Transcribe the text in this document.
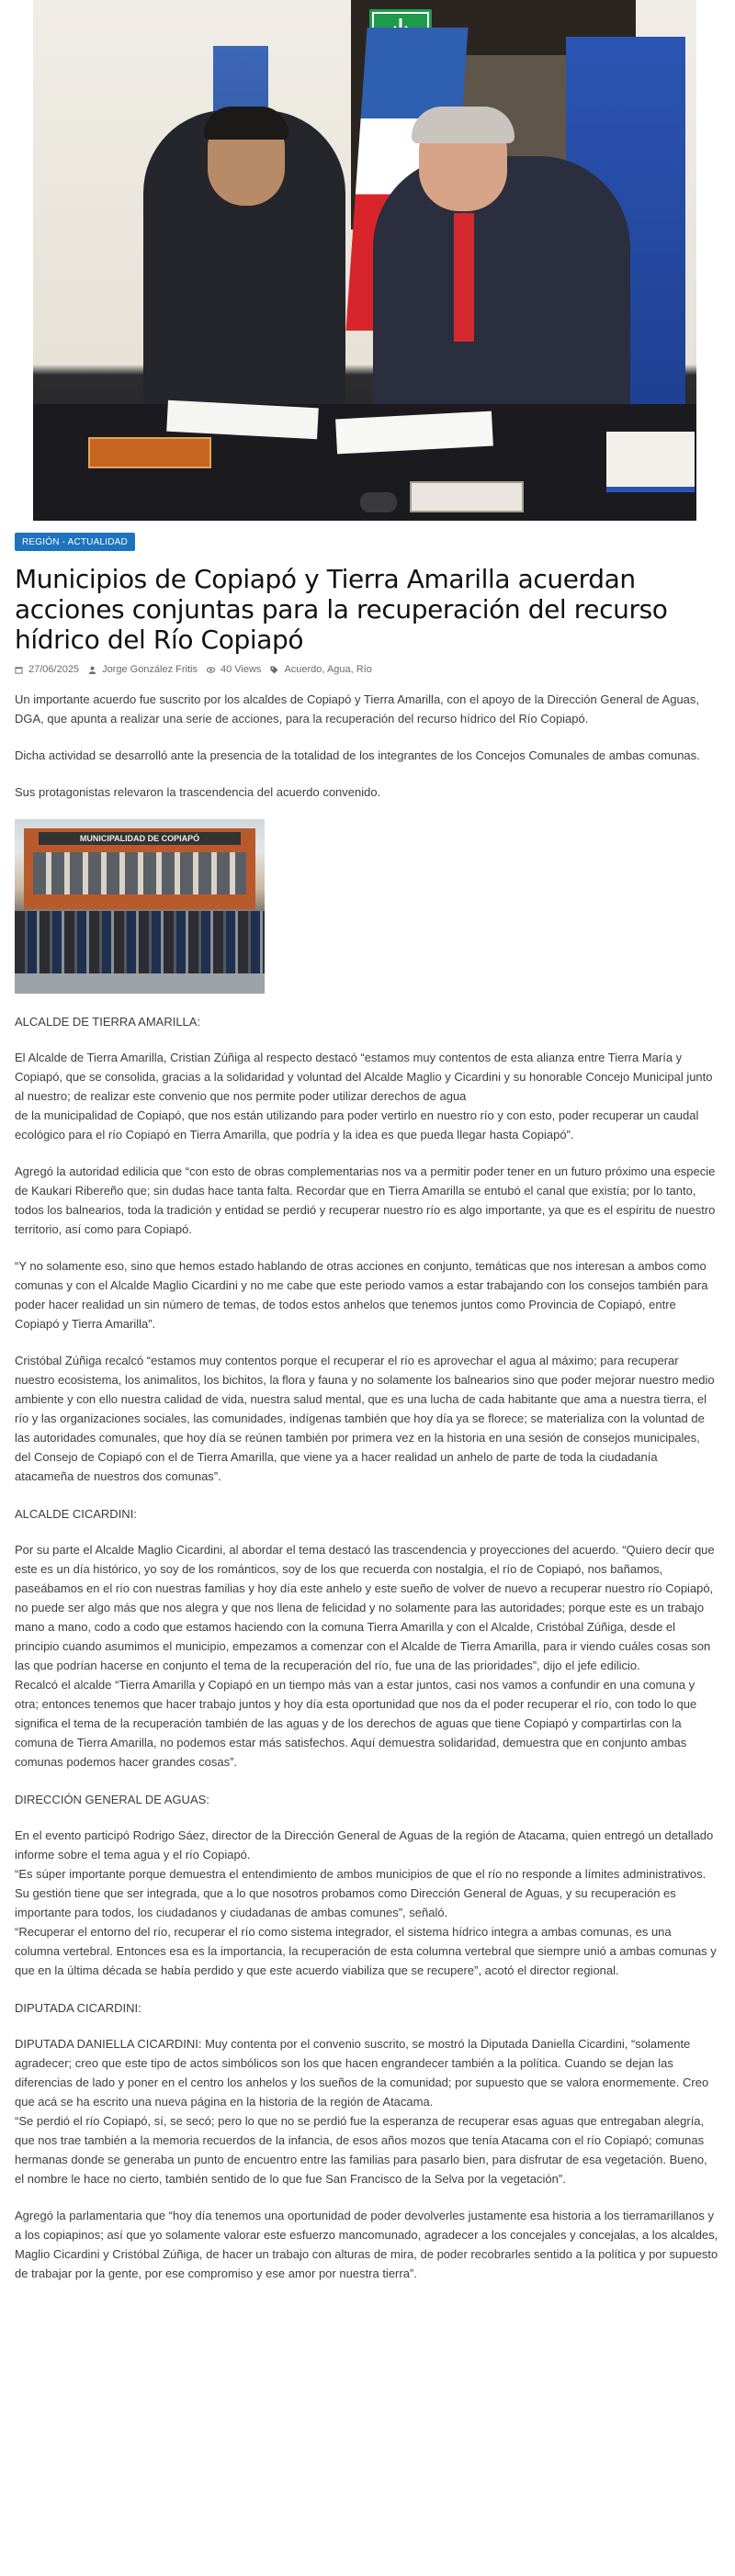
REGIÓN - ACTUALIDAD
Municipios de Copiapó y Tierra Amarilla acuerdan acciones conjuntas para la recuperación del recurso hídrico del Río Copiapó
27/06/2025 Jorge González Fritis 40 Views Acuerdo, Agua, Río

Un importante acuerdo fue suscrito por los alcaldes de Copiapó y Tierra Amarilla, con el apoyo de la Dirección General de Aguas, DGA, que apunta a realizar una serie de acciones, para la recuperación del recurso hídrico del Río Copiapó.

Dicha actividad se desarrolló ante la presencia de la totalidad de los integrantes de los Concejos Comunales de ambas comunas.

Sus protagonistas relevaron la trascendencia del acuerdo convenido.

MUNICIPALIDAD DE COPIAPÓ
ALCALDE DE TIERRA AMARILLA:

El Alcalde de Tierra Amarilla, Cristian Zúñiga al respecto destacó “estamos muy contentos de esta alianza entre Tierra María y Copiapó, que se consolida, gracias a la solidaridad y voluntad del Alcalde Maglio y Cicardini y su honorable Concejo Municipal junto al nuestro; de realizar este convenio que nos permite poder utilizar derechos de agua

de la municipalidad de Copiapó, que nos están utilizando para poder vertirlo en nuestro río y con esto, poder recuperar un caudal ecológico para el río Copiapó en Tierra Amarilla, que podría y la idea es que pueda llegar hasta Copiapó”.

Agregó la autoridad edilicia que “con esto de obras complementarias nos va a permitir poder tener en un futuro próximo una especie de Kaukari Ribereño que; sin dudas hace tanta falta. Recordar que en Tierra Amarilla se entubó el canal que existía; por lo tanto, todos los balnearios, toda la tradición y entidad se perdió y recuperar nuestro río es algo importante, ya que es el espíritu de nuestro territorio, así como para Copiapó.

“Y no solamente eso, sino que hemos estado hablando de otras acciones en conjunto, temáticas que nos interesan a ambos como comunas y con el Alcalde Maglio Cicardini y no me cabe que este periodo vamos a estar trabajando con los consejos también para poder hacer realidad un sin número de temas, de todos estos anhelos que tenemos juntos como Provincia de Copiapó, entre Copiapó y Tierra Amarilla”.

Cristóbal Zúñiga recalcó “estamos muy contentos porque el recuperar el río es aprovechar el agua al máximo; para recuperar nuestro ecosistema, los animalitos, los bichitos, la flora y fauna y no solamente los balnearios sino que poder mejorar nuestro medio ambiente y con ello nuestra calidad de vida, nuestra salud mental, que es una lucha de cada habitante que ama a nuestra tierra, el río y las organizaciones sociales, las comunidades, indígenas también que hoy día ya se florece; se materializa con la voluntad de las autoridades comunales, que hoy día se reúnen también por primera vez en la historia en una sesión de consejos municipales, del Consejo de Copiapó con el de Tierra Amarilla, que viene ya a hacer realidad un anhelo de parte de toda la ciudadanía atacameña de nuestros dos comunas”.

ALCALDE CICARDINI:

Por su parte el Alcalde Maglio Cicardini, al abordar el tema destacó las trascendencia y proyecciones del acuerdo. “Quiero decir que este es un día histórico, yo soy de los románticos, soy de los que recuerda con nostalgia, el río de Copiapó, nos bañamos, paseábamos en el río con nuestras familias y hoy día este anhelo y este sueño de volver de nuevo a recuperar nuestro río Copiapó, no puede ser algo más que nos alegra y que nos llena de felicidad y no solamente para las autoridades; porque este es un trabajo mano a mano, codo a codo que estamos haciendo con la comuna Tierra Amarilla y con el Alcalde, Cristóbal Zúñiga, desde el principio cuando asumimos el municipio, empezamos a comenzar con el Alcalde de Tierra Amarilla, para ir viendo cuáles cosas son las que podrían hacerse en conjunto el tema de la recuperación del río, fue una de las prioridades”, dijo el jefe edilicio.

Recalcó el alcalde “Tierra Amarilla y Copiapó en un tiempo más van a estar juntos, casi nos vamos a confundir en una comuna y otra; entonces tenemos que hacer trabajo juntos y hoy día esta oportunidad que nos da el poder recuperar el río, con todo lo que significa el tema de la recuperación también de las aguas y de los derechos de aguas que tiene Copiapó y compartirlas con la comuna de Tierra Amarilla, no podemos estar más satisfechos. Aquí demuestra solidaridad, demuestra que en conjunto ambas comunas podemos hacer grandes cosas”.

DIRECCIÓN GENERAL DE AGUAS:

En el evento participó Rodrigo Sáez, director de la Dirección General de Aguas de la región de Atacama, quien entregó un detallado informe sobre el tema agua y el río Copiapó.

“Es súper importante porque demuestra el entendimiento de ambos municipios de que el río no responde a límites administrativos. Su gestión tiene que ser integrada, que a lo que nosotros probamos como Dirección General de Aguas, y su recuperación es importante para todos, los ciudadanos y ciudadanas de ambas comunes”, señaló.

“Recuperar el entorno del río, recuperar el río como sistema integrador, el sistema hídrico integra a ambas comunas, es una columna vertebral. Entonces esa es la importancia, la recuperación de esta columna vertebral que siempre unió a ambas comunas y que en la última década se había perdido y que este acuerdo viabiliza que se recupere”, acotó el director regional.

DIPUTADA CICARDINI:

DIPUTADA DANIELLA CICARDINI: Muy contenta por el convenio suscrito, se mostró la Diputada Daniella Cicardini, “solamente agradecer; creo que este tipo de actos simbólicos son los que hacen engrandecer también a la política. Cuando se dejan las diferencias de lado y poner en el centro los anhelos y los sueños de la comunidad; por supuesto que se valora enormemente. Creo que acá se ha escrito una nueva página en la historia de la región de Atacama.

“Se perdió el río Copiapó, sí, se secó; pero lo que no se perdió fue la esperanza de recuperar esas aguas que entregaban alegría, que nos trae también a la memoria recuerdos de la infancia, de esos años mozos que tenía Atacama con el río Copiapó; comunas hermanas donde se generaba un punto de encuentro entre las familias para pasarlo bien, para disfrutar de esa vegetación. Bueno, el nombre le hace no cierto, también sentido de lo que fue San Francisco de la Selva por la vegetación”.

Agregó la parlamentaria que “hoy día tenemos una oportunidad de poder devolverles justamente esa historia a los tierramarillanos y a los copiapinos; así que yo solamente valorar este esfuerzo mancomunado, agradecer a los concejales y concejalas, a los alcaldes, Maglio Cicardini y Cristóbal Zúñiga, de hacer un trabajo con alturas de mira, de poder recobrarles sentido a la política y por supuesto de trabajar por la gente, por ese compromiso y ese amor por nuestra tierra”.
